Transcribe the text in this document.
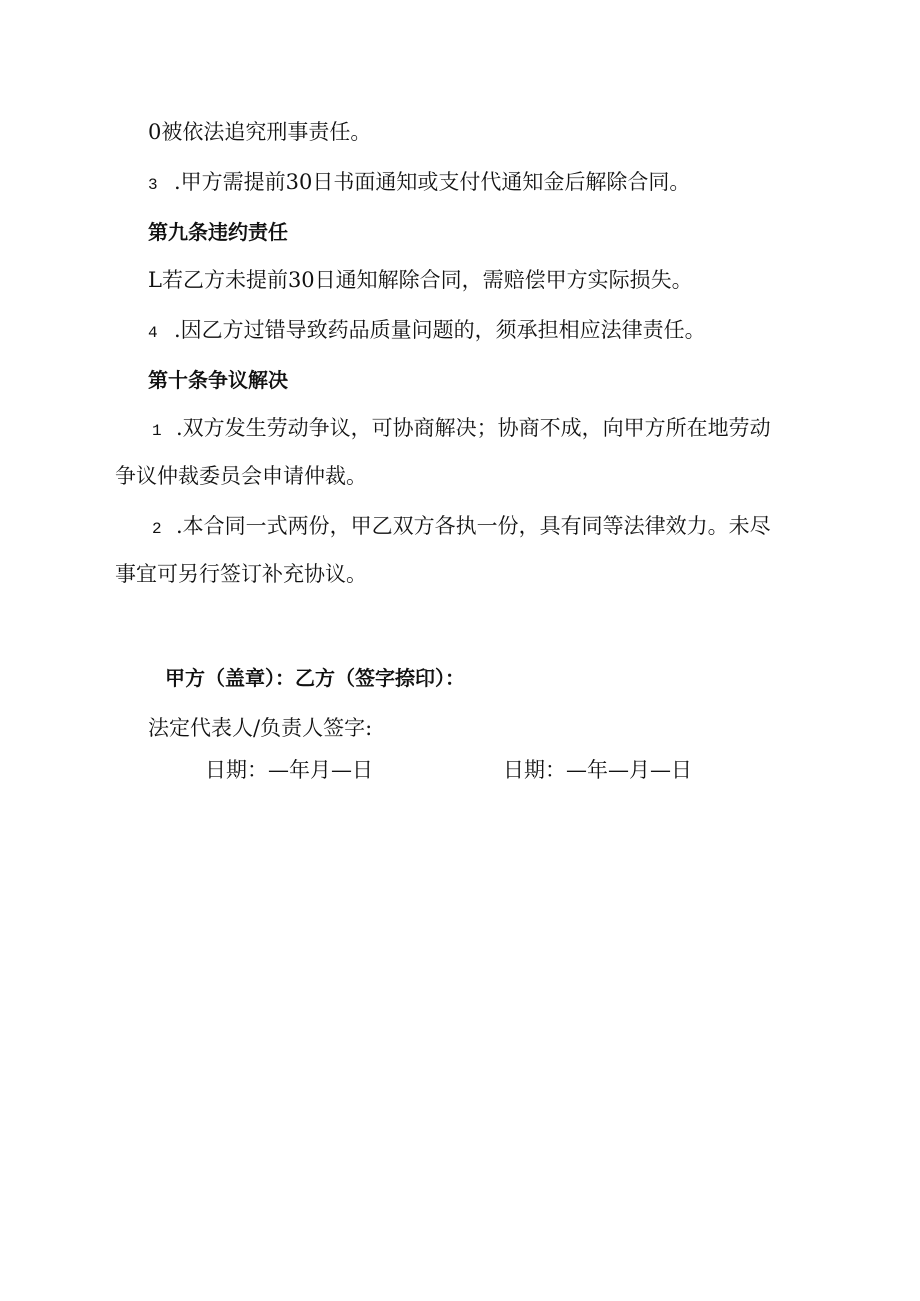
0被依法追究刑事责任。
3 .甲方需提前30日书面通知或支付代通知金后解除合同。
第九条违约责任
L若乙方未提前30日通知解除合同，需赔偿甲方实际损失。
4 .因乙方过错导致药品质量问题的，须承担相应法律责任。
第十条争议解决
1 .双方发生劳动争议，可协商解决；协商不成，向甲方所在地劳动
争议仲裁委员会申请仲裁。
2 .本合同一式两份，甲乙双方各执一份，具有同等法律效力。未尽
事宜可另行签订补充协议。
甲方（盖章）：乙方（签字捺印）：
法定代表人/负责人签字:
日期：—年月—日	日期：—年—月—日
